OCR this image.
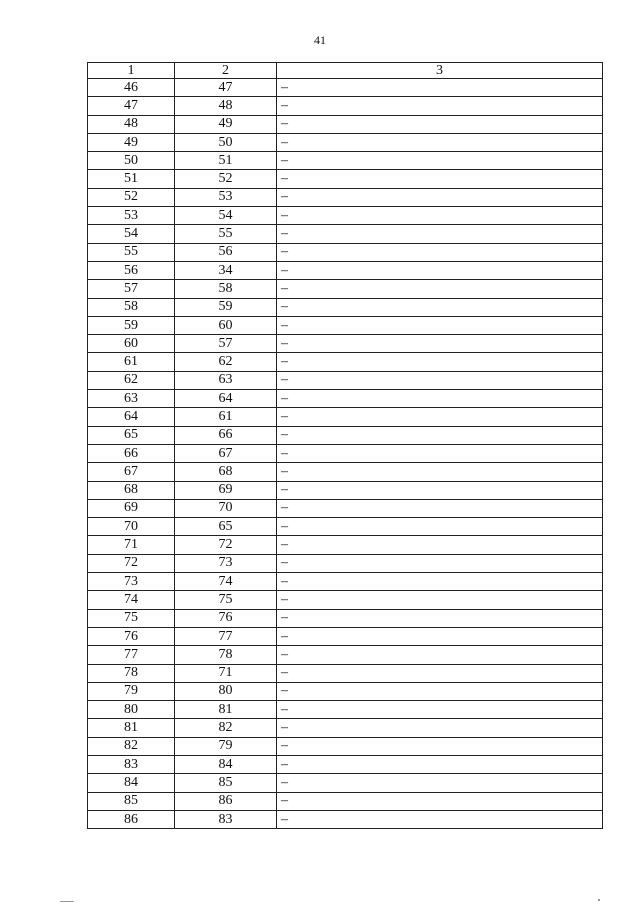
41
1	2	3
46	47	–
47	48	–
48	49	–
49	50	–
50	51	–
51	52	–
52	53	–
53	54	–
54	55	–
55	56	–
56	34	–
57	58	–
58	59	–
59	60	–
60	57	–
61	62	–
62	63	–
63	64	–
64	61	–
65	66	–
66	67	–
67	68	–
68	69	–
69	70	–
70	65	–
71	72	–
72	73	–
73	74	–
74	75	–
75	76	–
76	77	–
77	78	–
78	71	–
79	80	–
80	81	–
81	82	–
82	79	–
83	84	–
84	85	–
85	86	–
86	83	–
